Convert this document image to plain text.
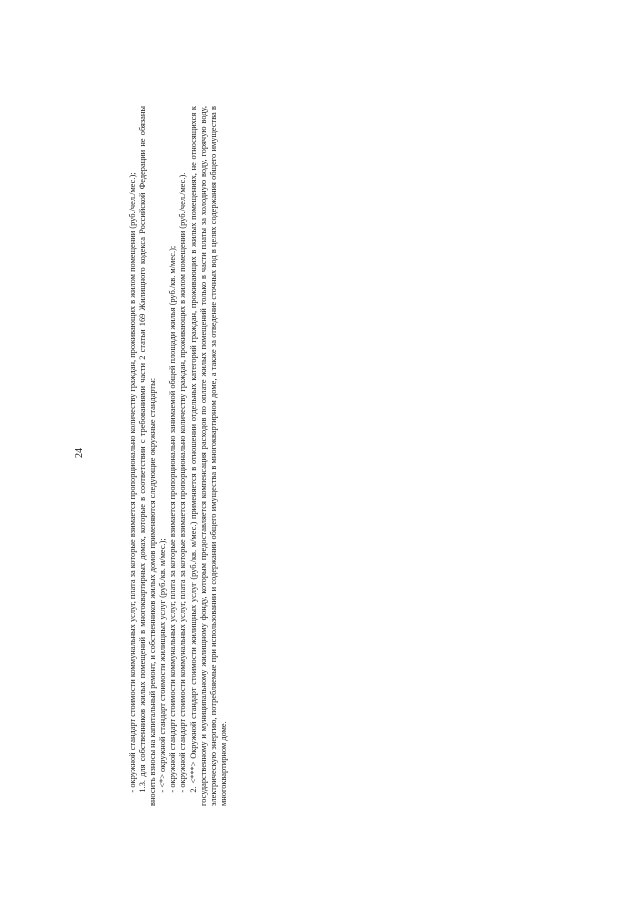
24	- окружной стандарт стоимости коммунальных услуг, плата за которые взимается пропорционально количеству граждан, проживающих в жилом помещении (руб./чел./мес.); 1.3. для собственников жилых помещений в многоквартирных домах, которые в соответствии с требованиями части 2 статьи 169 Жилищного кодекса Российской Федерации не обязаны вносить взносы на капитальный ремонт, и собственников жилых домов применяются следующие окружные стандарты: - <*> окружной стандарт стоимости жилищных услуг (руб./кв. м/мес.); - окружной стандарт стоимости коммунальных услуг, плата за которые взимается пропорционально занимаемой общей площади жилья (руб./кв. м/мес.); - окружной стандарт стоимости коммунальных услуг, плата за которые взимается пропорционально количеству граждан, проживающих в жилом помещении (руб./чел./мес.). 2. <***> Окружной стандарт стоимости жилищных услуг (руб./кв. м/мес.) применяется в отношении отдельных категорий граждан, проживающих в жилых помещениях, не относящихся к государственному и муниципальному жилищному фонду, которым предоставляется компенсация расходов по оплате жилых помещений только в части платы за холодную воду, горячую воду, электрическую энергию, потребляемые при использовании и содержании общего имущества в многоквартирном доме, а также за отведение сточных вод в целях содержания общего имущества в многоквартирном доме.
